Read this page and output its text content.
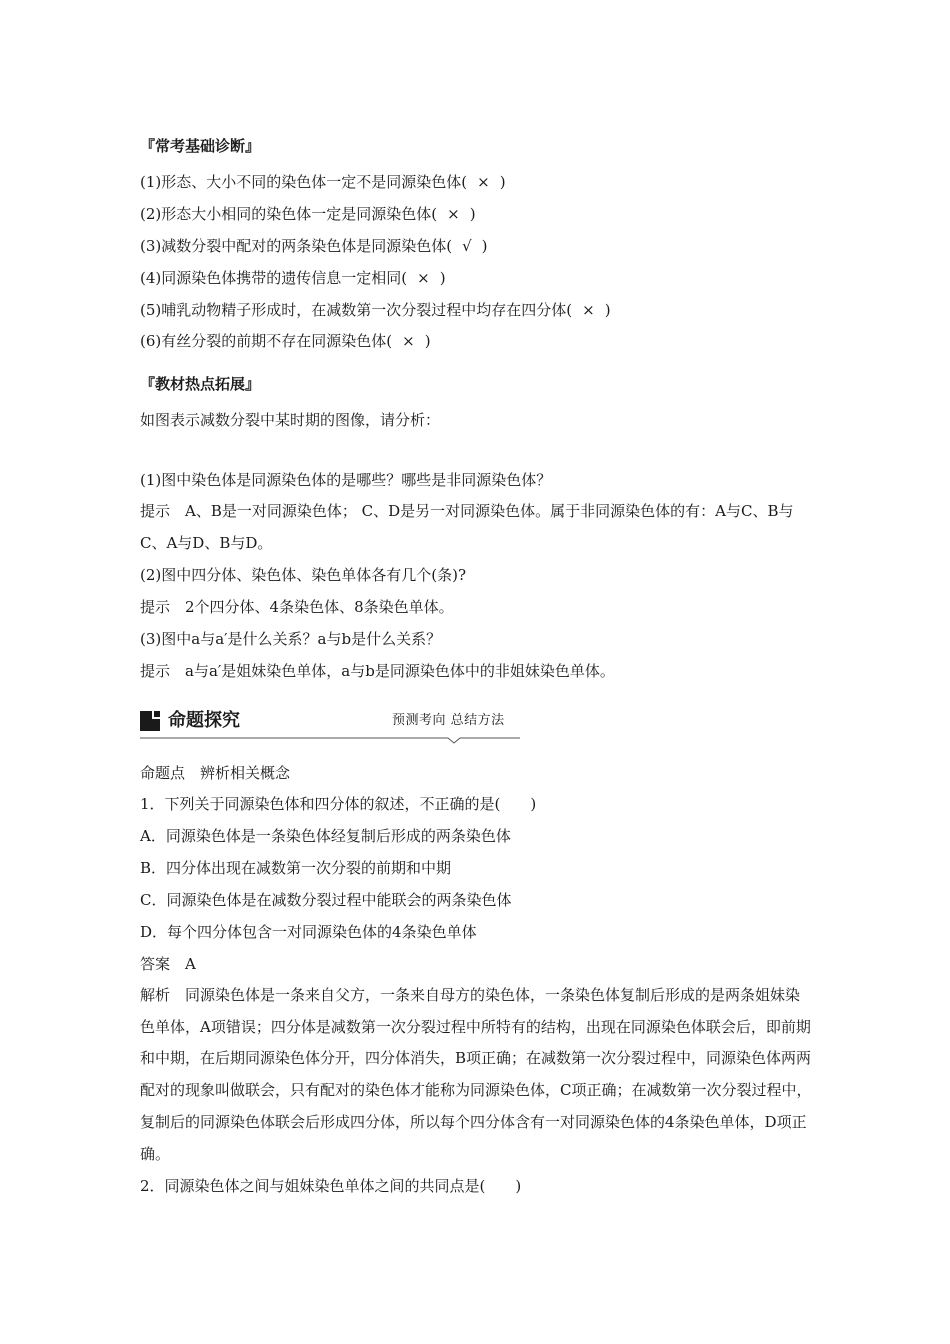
『常考基础诊断』
(1)形态、大小不同的染色体一定不是同源染色体( × )
(2)形态大小相同的染色体一定是同源染色体( × )
(3)减数分裂中配对的两条染色体是同源染色体( √ )
(4)同源染色体携带的遗传信息一定相同( × )
(5)哺乳动物精子形成时，在减数第一次分裂过程中均存在四分体( × )
(6)有丝分裂的前期不存在同源染色体( × )
『教材热点拓展』
如图表示减数分裂中某时期的图像，请分析：
(1)图中染色体是同源染色体的是哪些？哪些是非同源染色体？
提示　A、B是一对同源染色体； C、D是另一对同源染色体。属于非同源染色体的有：A与C、B与C、A与D、B与D。
(2)图中四分体、染色体、染色单体各有几个(条)?
提示　2个四分体、4条染色体、8条染色单体。
(3)图中a与a′是什么关系？a与b是什么关系？
提示　a与a′是姐妹染色单体，a与b是同源染色体中的非姐妹染色单体。
命题探究	预测考向 总结方法
命题点　辨析相关概念
1．下列关于同源染色体和四分体的叙述，不正确的是(　　)
A．同源染色体是一条染色体经复制后形成的两条染色体
B．四分体出现在减数第一次分裂的前期和中期
C．同源染色体是在减数分裂过程中能联会的两条染色体
D．每个四分体包含一对同源染色体的4条染色单体
答案　A
解析　同源染色体是一条来自父方，一条来自母方的染色体，一条染色体复制后形成的是两条姐妹染色单体，A项错误；四分体是减数第一次分裂过程中所特有的结构，出现在同源染色体联会后，即前期和中期，在后期同源染色体分开，四分体消失，B项正确；在减数第一次分裂过程中，同源染色体两两配对的现象叫做联会，只有配对的染色体才能称为同源染色体，C项正确；在减数第一次分裂过程中，复制后的同源染色体联会后形成四分体，所以每个四分体含有一对同源染色体的4条染色单体，D项正确。
2．同源染色体之间与姐妹染色单体之间的共同点是(　　)
